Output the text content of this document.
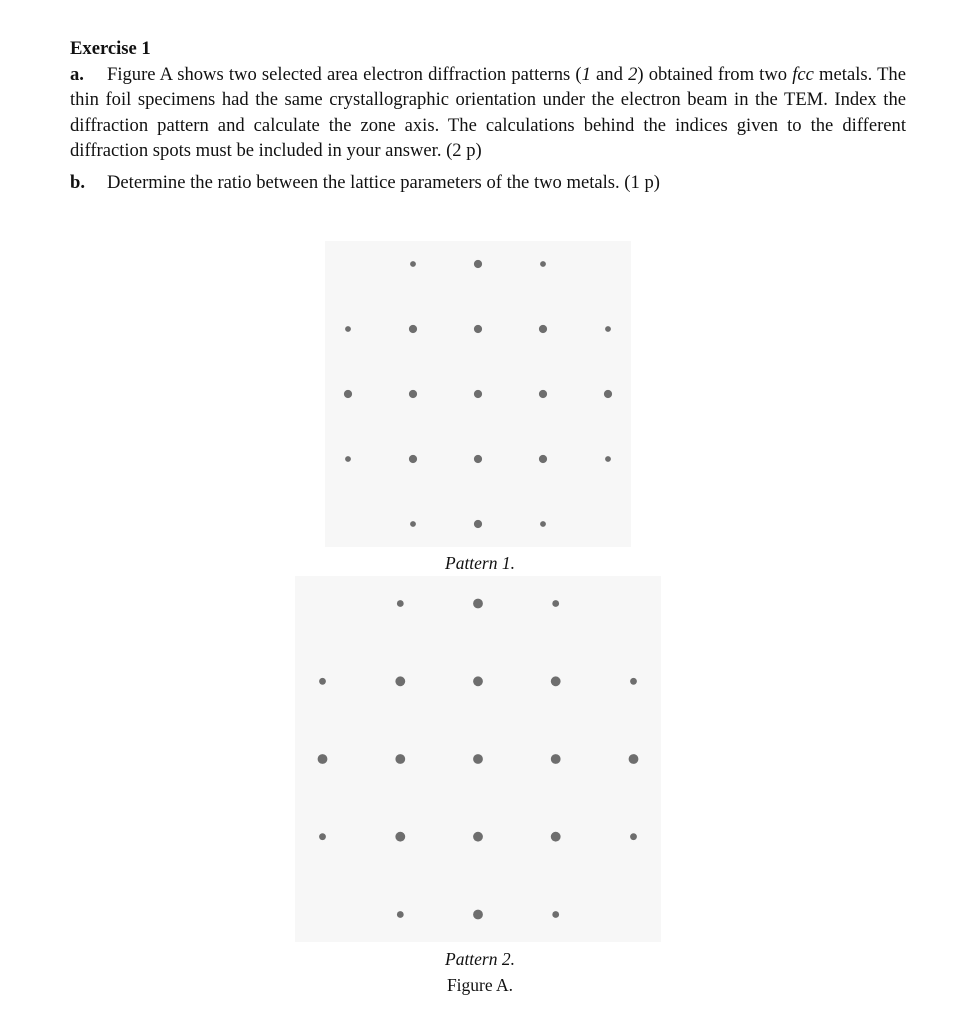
Exercise 1

a. Figure A shows two selected area electron diffraction patterns (1 and 2) obtained from two fcc metals. The thin foil specimens had the same crystallographic orientation under the electron beam in the TEM. Index the diffraction pattern and calculate the zone axis. The calculations behind the indices given to the different diffraction spots must be included in your answer. (2 p)

b. Determine the ratio between the lattice parameters of the two metals. (1 p)

Pattern 1.
Pattern 2.
Figure A.
